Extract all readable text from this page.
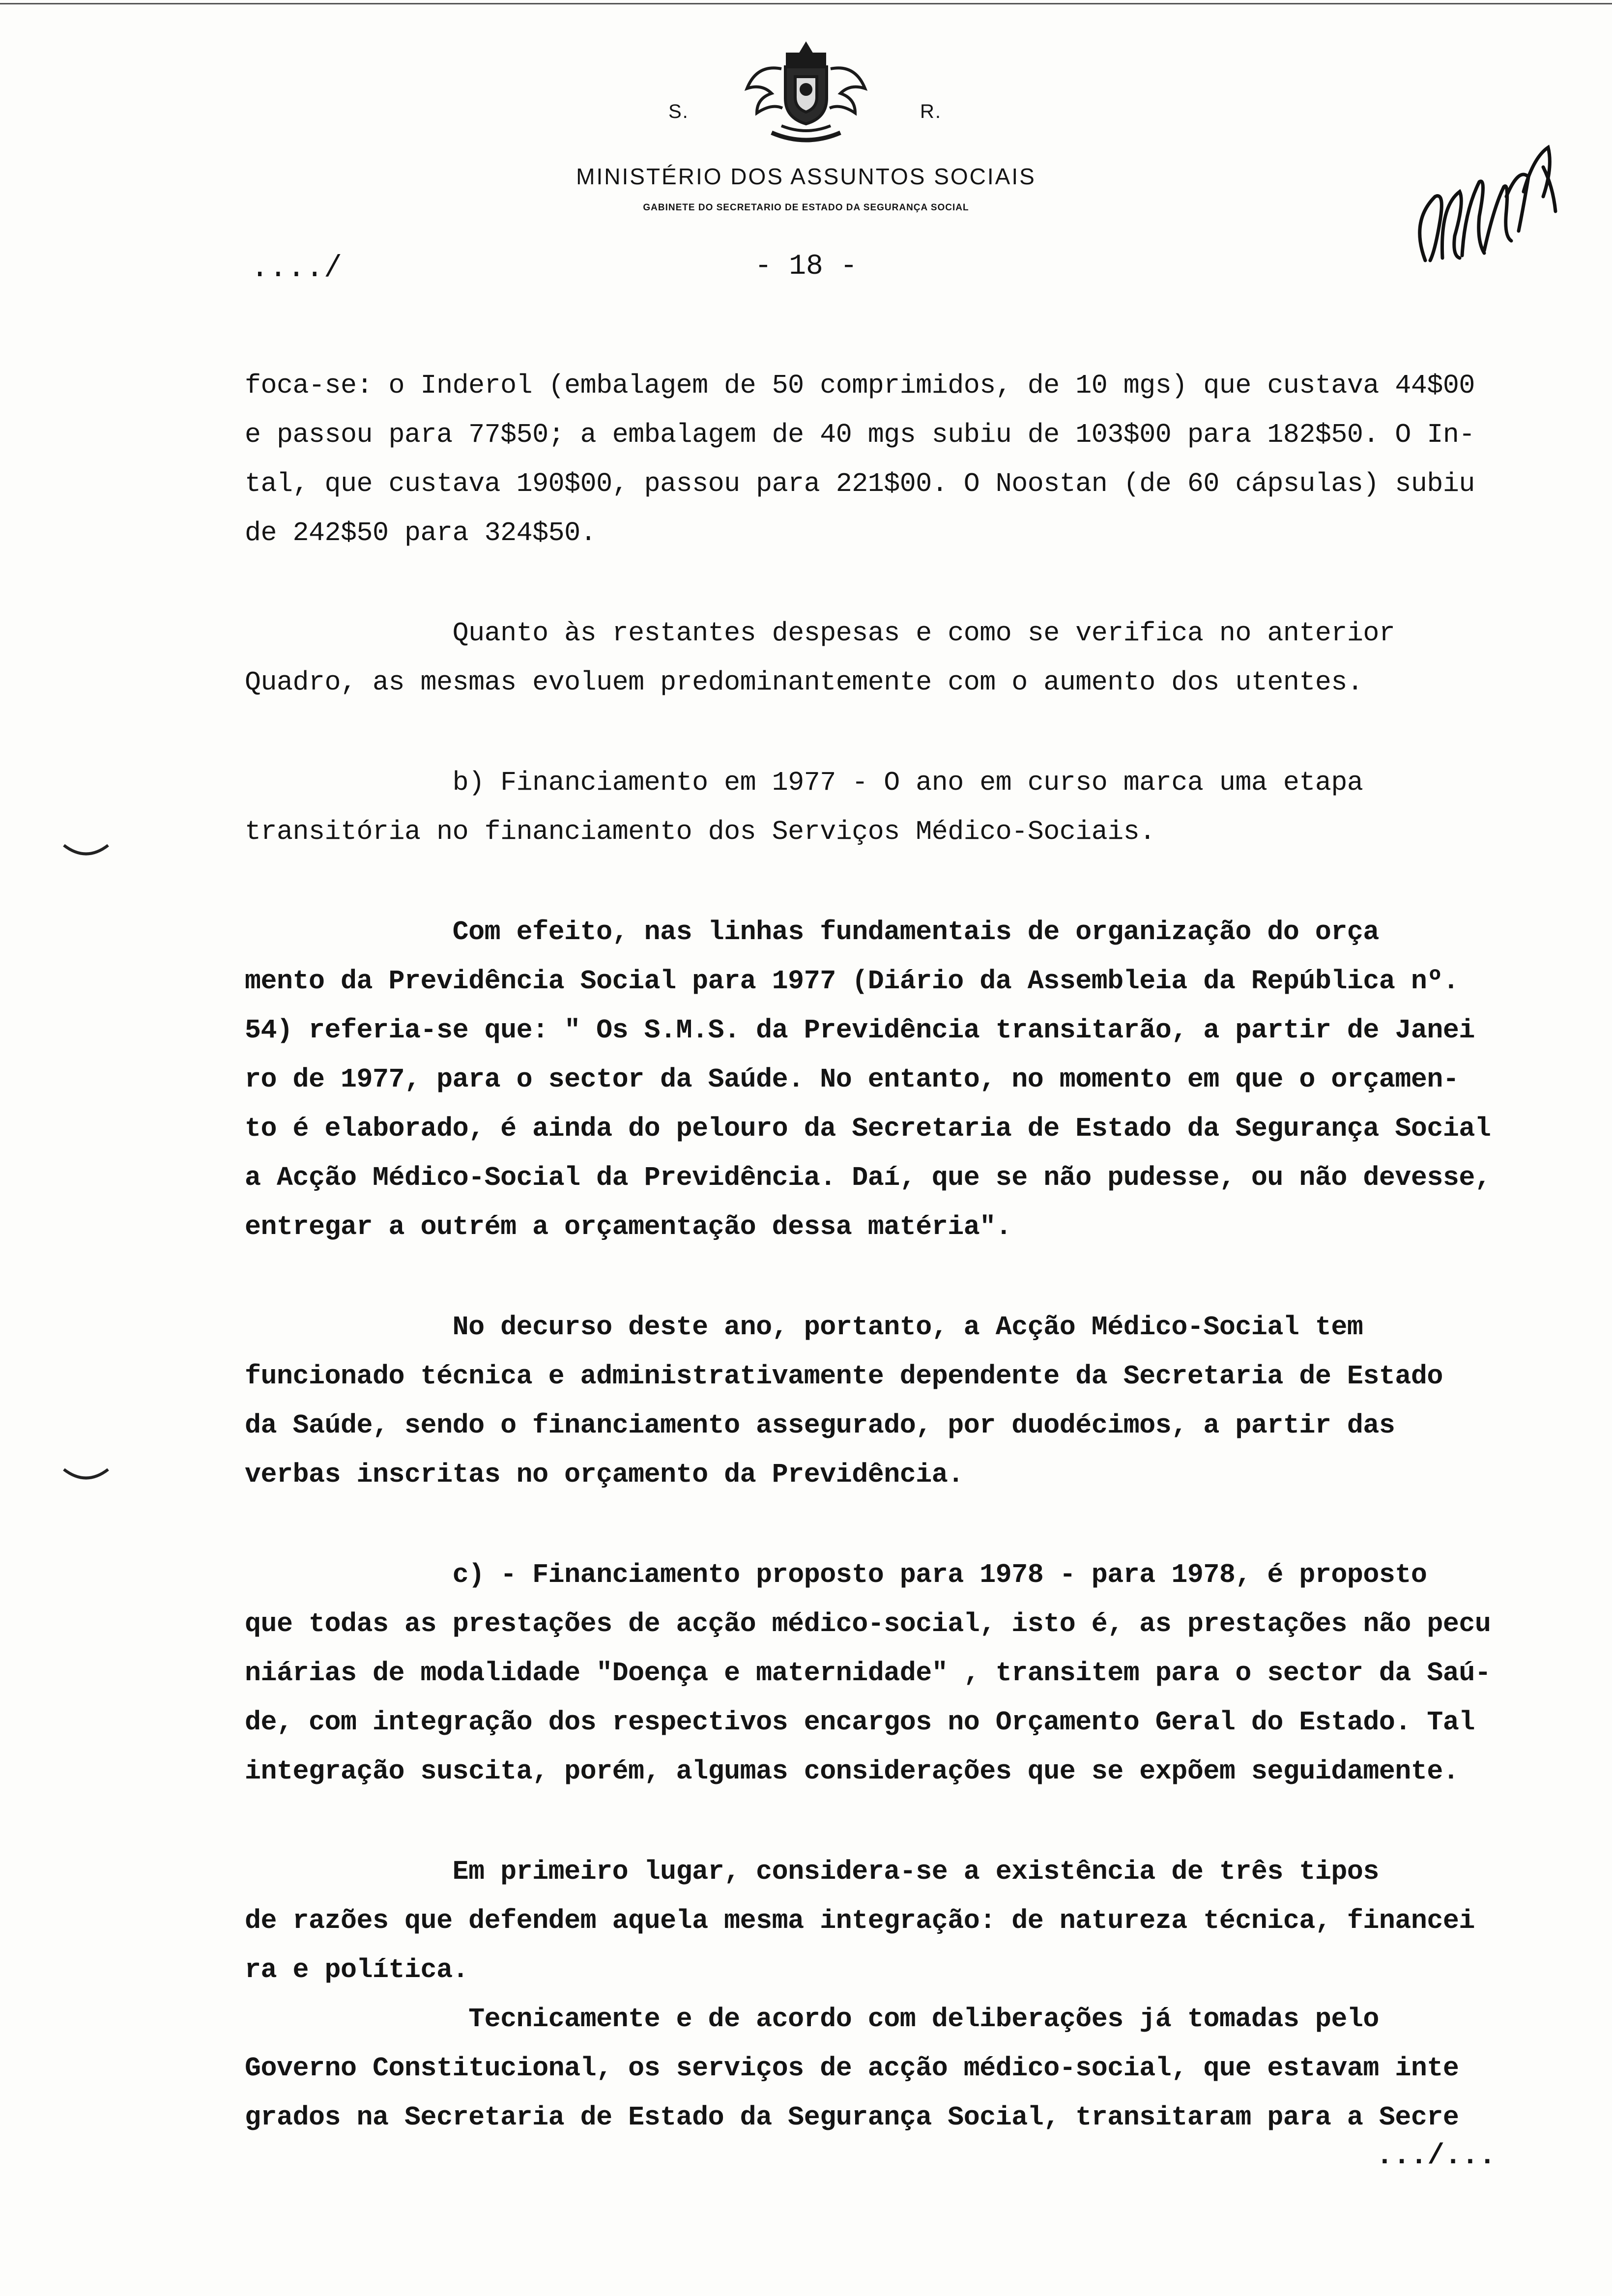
S.	R.
MINISTÉRIO DOS ASSUNTOS SOCIAIS
GABINETE DO SECRETARIO DE ESTADO DA SEGURANÇA SOCIAL
..../	- 18 -

foca-se: o Inderol (embalagem de 50 comprimidos, de 10 mgs) que custava 44$00

e passou para 77$50; a embalagem de 40 mgs subiu de 103$00 para 182$50. O In-

tal, que custava 190$00, passou para 221$00. O Noostan (de 60 cápsulas) subiu

de 242$50 para 324$50.

Quanto às restantes despesas e como se verifica no anterior

Quadro, as mesmas evoluem predominantemente com o aumento dos utentes.

b) Financiamento em 1977 - O ano em curso marca uma etapa

transitória no financiamento dos Serviços Médico-Sociais.

Com efeito, nas linhas fundamentais de organização do orça

mento da Previdência Social para 1977 (Diário da Assembleia da República nº.

54) referia-se que: " Os S.M.S. da Previdência transitarão, a partir de Janei

ro de 1977, para o sector da Saúde. No entanto, no momento em que o orçamen-

to é elaborado, é ainda do pelouro da Secretaria de Estado da Segurança Social

a Acção Médico-Social da Previdência. Daí, que se não pudesse, ou não devesse,

entregar a outrém a orçamentação dessa matéria".

No decurso deste ano, portanto, a Acção Médico-Social tem

funcionado técnica e administrativamente dependente da Secretaria de Estado

da Saúde, sendo o financiamento assegurado, por duodécimos, a partir das

verbas inscritas no orçamento da Previdência.

c) - Financiamento proposto para 1978 - para 1978, é proposto

que todas as prestações de acção médico-social, isto é, as prestações não pecu

niárias de modalidade "Doença e maternidade" , transitem para o sector da Saú-

de, com integração dos respectivos encargos no Orçamento Geral do Estado. Tal

integração suscita, porém, algumas considerações que se expõem seguidamente.

Em primeiro lugar, considera-se a existência de três tipos

de razões que defendem aquela mesma integração: de natureza técnica, financei

ra e política.

Tecnicamente e de acordo com deliberações já tomadas pelo

Governo Constitucional, os serviços de acção médico-social, que estavam inte

grados na Secretaria de Estado da Segurança Social, transitaram para a Secre

.../...
